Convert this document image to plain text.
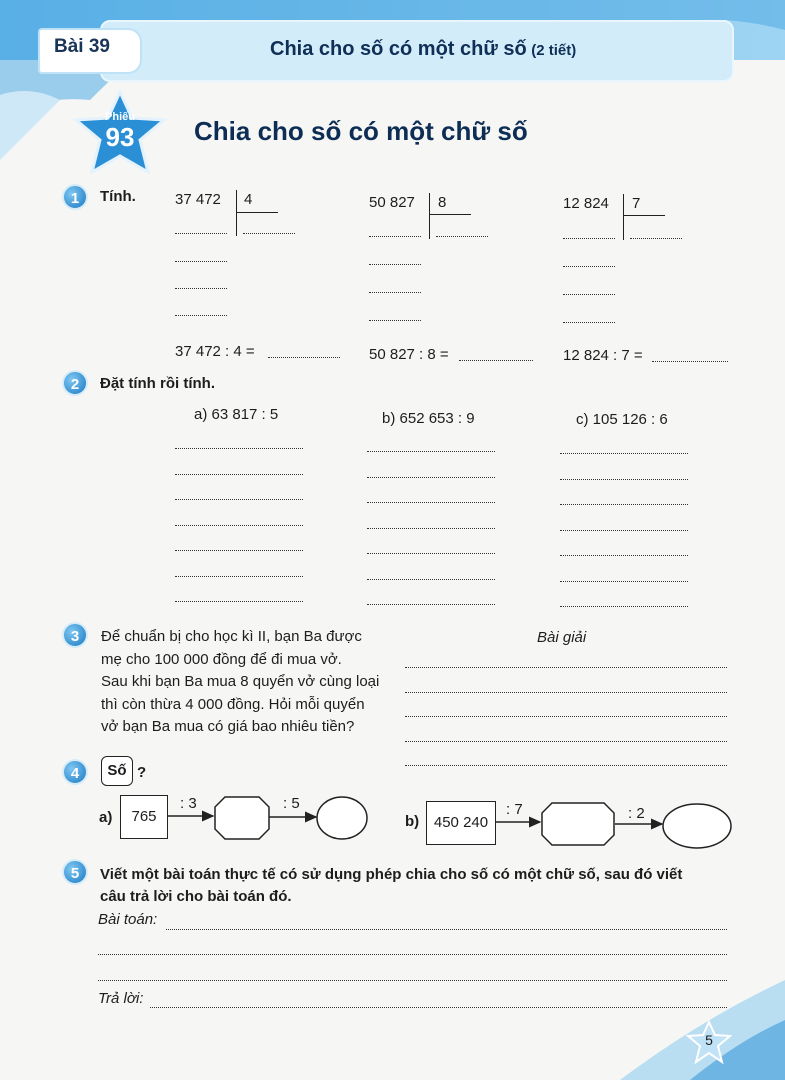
Bài 39	Chia cho số có một chữ số (2 tiết)
Phiếu
93 Chia cho số có một chữ số
1	Tính.	37 472 4
37 472 : 4 =
50 827 8
50 827 : 8 =
12 824 7
12 824 : 7 =
2	Đặt tính rồi tính.
a) 63 817 : 5	b) 652 653 : 9	c) 105 126 : 6
3	Để chuẩn bị cho học kì II, bạn Ba được
mẹ cho 100 000 đồng để đi mua vở.
Sau khi bạn Ba mua 8 quyển vở cùng loại
thì còn thừa 4 000 đồng. Hỏi mỗi quyển
vở bạn Ba mua có giá bao nhiêu tiền?
Bài giải
4	Số ?
a)	765
: 3	: 5
b) 450 240
: 7	: 2
5	Viết một bài toán thực tế có sử dụng phép chia cho số có một chữ số, sau đó viết
câu trả lời cho bài toán đó.
Bài toán:
Trả lời:
5
